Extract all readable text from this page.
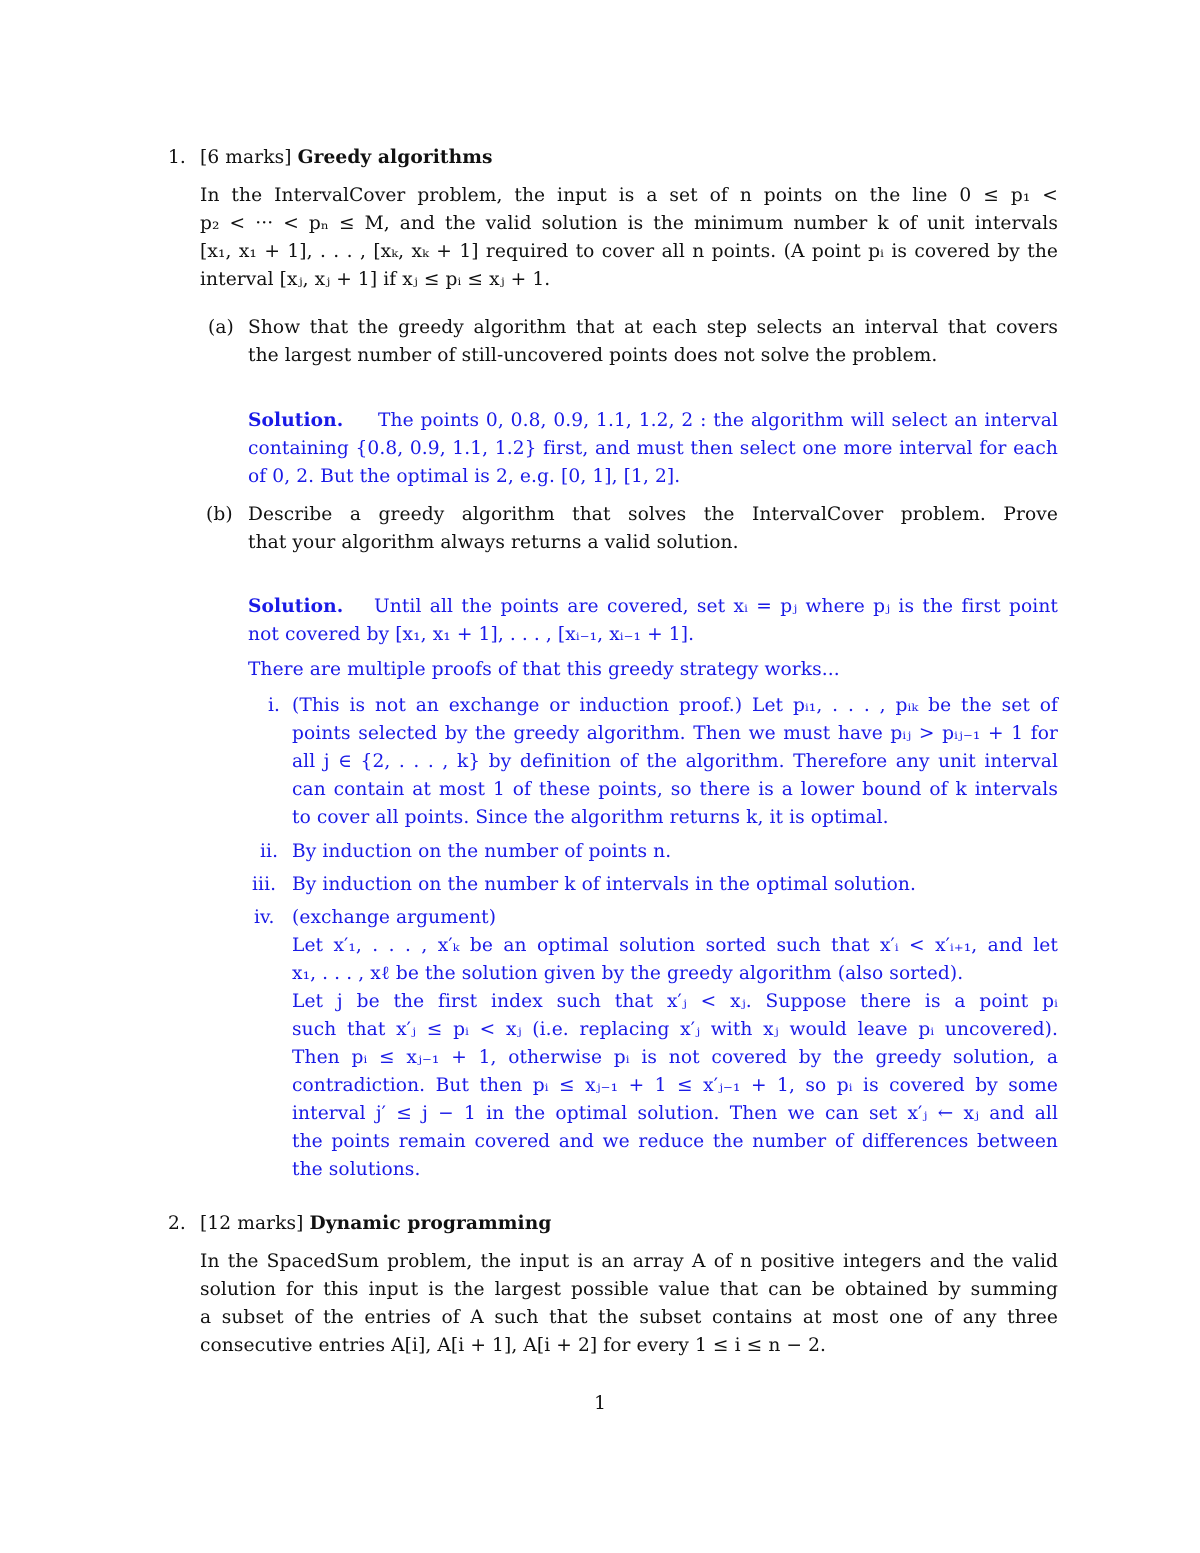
1. [6 marks] Greedy algorithms
In the IntervalCover problem, the input is a set of n points on the line 0 ≤ p₁ <
p₂ < ··· < pₙ ≤ M, and the valid solution is the minimum number k of unit intervals
[x₁, x₁ + 1], . . . , [xₖ, xₖ + 1] required to cover all n points. (A point pᵢ is covered by the
interval [xⱼ, xⱼ + 1] if xⱼ ≤ pᵢ ≤ xⱼ + 1.
(a) Show that the greedy algorithm that at each step selects an interval that covers
the largest number of still-uncovered points does not solve the problem.
Solution. The points 0, 0.8, 0.9, 1.1, 1.2, 2 : the algorithm will select an interval
containing {0.8, 0.9, 1.1, 1.2} first, and must then select one more interval for each
of 0, 2. But the optimal is 2, e.g. [0, 1], [1, 2].
(b) Describe a greedy algorithm that solves the IntervalCover problem. Prove
that your algorithm always returns a valid solution.
Solution. Until all the points are covered, set xᵢ = pⱼ where pⱼ is the first point
not covered by [x₁, x₁ + 1], . . . , [xᵢ₋₁, xᵢ₋₁ + 1].
There are multiple proofs of that this greedy strategy works...
i. (This is not an exchange or induction proof.) Let pᵢ₁, . . . , pᵢₖ be the set of
points selected by the greedy algorithm. Then we must have pᵢⱼ > pᵢⱼ₋₁ + 1 for
all j ∈ {2, . . . , k} by definition of the algorithm. Therefore any unit interval
can contain at most 1 of these points, so there is a lower bound of k intervals
to cover all points. Since the algorithm returns k, it is optimal.
ii. By induction on the number of points n.
iii. By induction on the number k of intervals in the optimal solution.
iv. (exchange argument)
Let x′₁, . . . , x′ₖ be an optimal solution sorted such that x′ᵢ < x′ᵢ₊₁, and let
x₁, . . . , xℓ be the solution given by the greedy algorithm (also sorted).
Let j be the first index such that x′ⱼ < xⱼ. Suppose there is a point pᵢ
such that x′ⱼ ≤ pᵢ < xⱼ (i.e. replacing x′ⱼ with xⱼ would leave pᵢ uncovered).
Then pᵢ ≤ xⱼ₋₁ + 1, otherwise pᵢ is not covered by the greedy solution, a
contradiction. But then pᵢ ≤ xⱼ₋₁ + 1 ≤ x′ⱼ₋₁ + 1, so pᵢ is covered by some
interval j′ ≤ j − 1 in the optimal solution. Then we can set x′ⱼ ← xⱼ and all
the points remain covered and we reduce the number of differences between
the solutions.
2. [12 marks] Dynamic programming
In the SpacedSum problem, the input is an array A of n positive integers and the valid
solution for this input is the largest possible value that can be obtained by summing
a subset of the entries of A such that the subset contains at most one of any three
consecutive entries A[i], A[i + 1], A[i + 2] for every 1 ≤ i ≤ n − 2.
1
